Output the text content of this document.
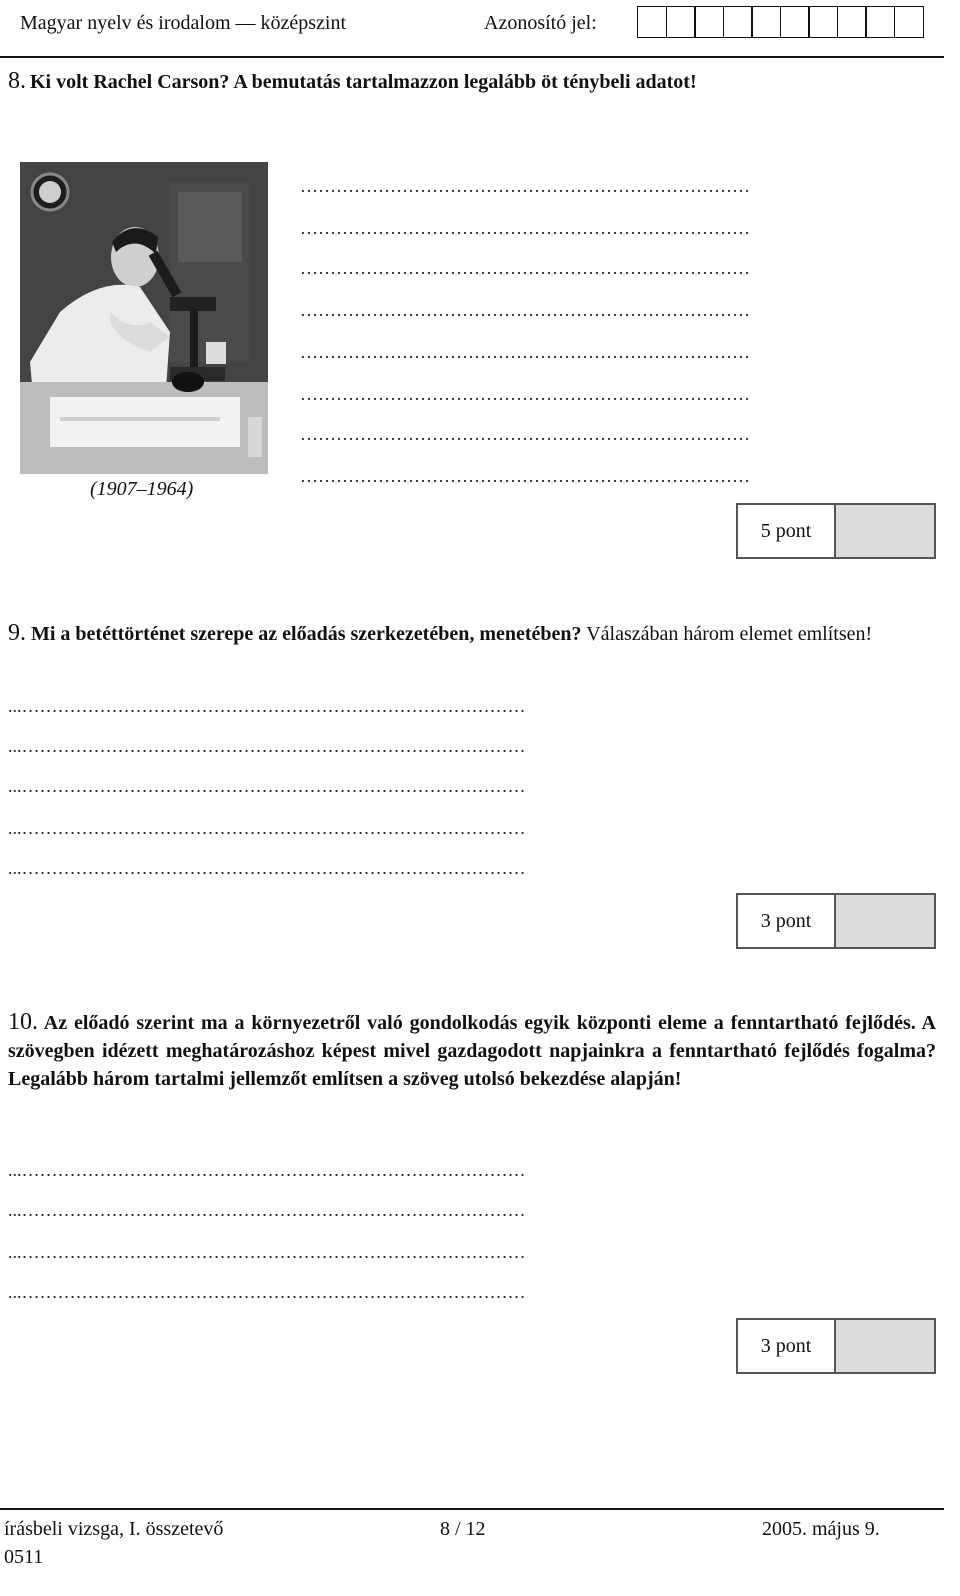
Magyar nyelv és irodalom — középszint	Azonosító jel:
8. Ki volt Rachel Carson? A bemutatás tartalmazzon legalább öt ténybeli adatot!
(1907–1964)
…………………………………………………………………
…………………………………………………………………
…………………………………………………………………
…………………………………………………………………
…………………………………………………………………
…………………………………………………………………
…………………………………………………………………
…………………………………………………………………
5 pont
9. Mi a betéttörténet szerepe az előadás szerkezetében, menetében? Válaszában három elemet említsen!
...…………………………………………………………………………
...…………………………………………………………………………
...…………………………………………………………………………
...…………………………………………………………………………
...…………………………………………………………………………
3 pont
10. Az előadó szerint ma a környezetről való gondolkodás egyik központi eleme a fenntartható fejlődés. A szövegben idézett meghatározáshoz képest mivel gazdagodott napjainkra a fenntartható fejlődés fogalma? Legalább három tartalmi jellemzőt említsen a szöveg utolsó bekezdése alapján!
...…………………………………………………………………………
...…………………………………………………………………………
...…………………………………………………………………………
...…………………………………………………………………………
3 pont
írásbeli vizsga, I. összetevő	8 / 12	2005. május 9.
0511
